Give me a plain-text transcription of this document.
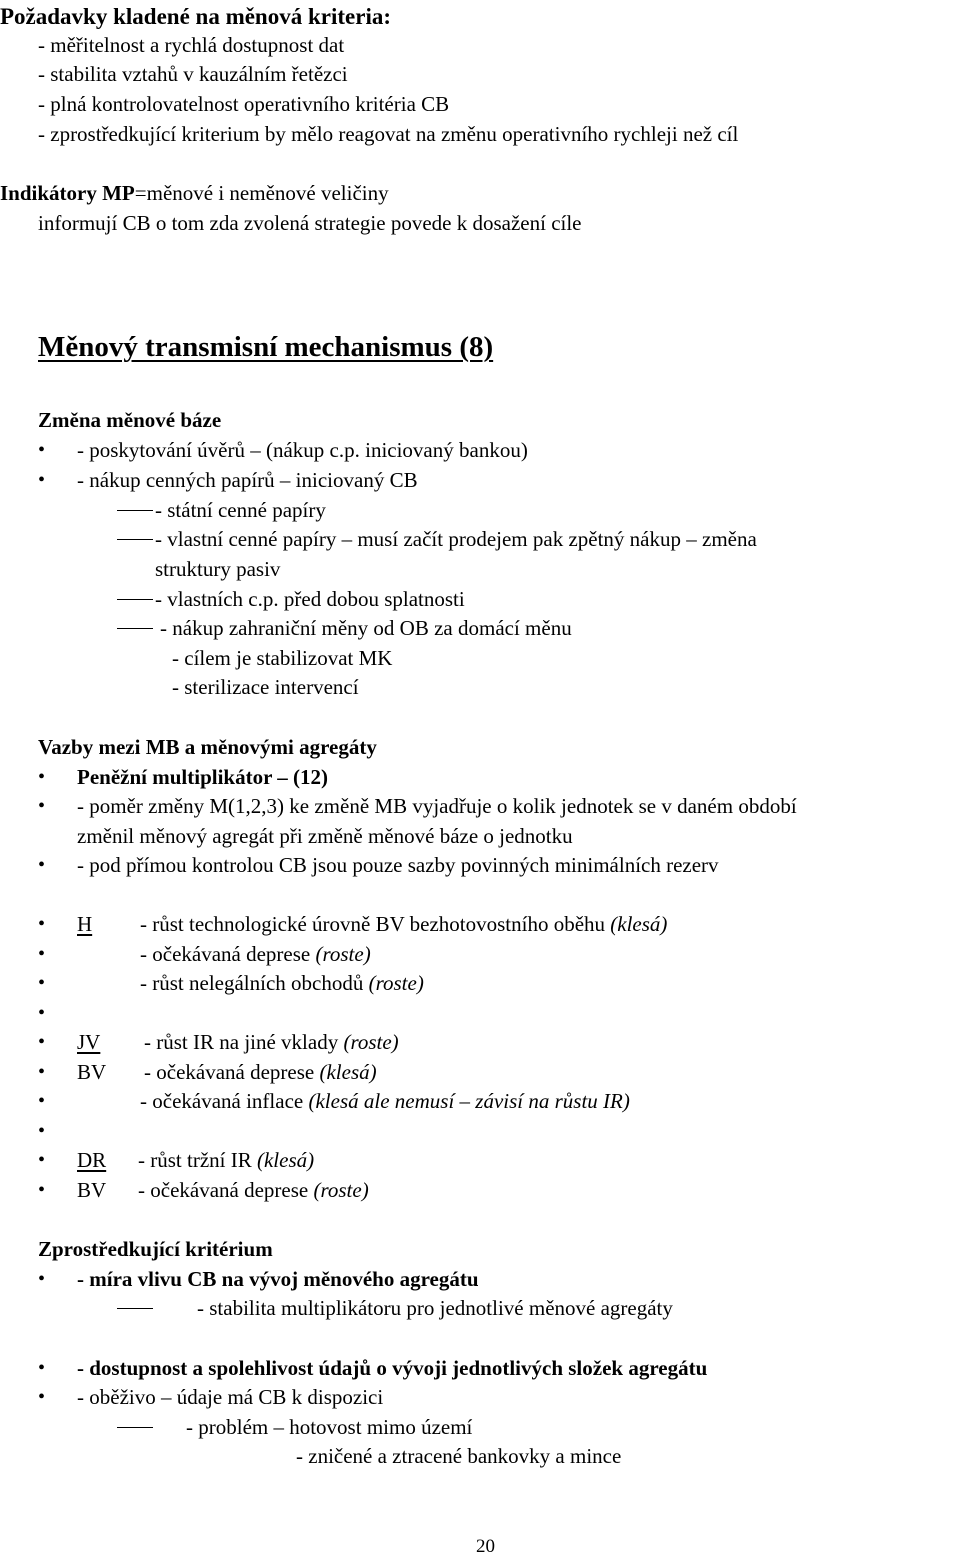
Požadavky kladené na měnová kriteria:
- měřitelnost a rychlá dostupnost dat
- stabilita vztahů v kauzálním řetězci
- plná kontrolovatelnost operativního kritéria CB
- zprostředkující kriterium by mělo reagovat na změnu operativního rychleji než cíl
Indikátory MP=měnové i neměnové veličiny
informují CB o tom zda zvolená strategie povede k dosažení cíle
Měnový transmisní mechanismus (8)
Změna měnové báze
• - poskytování úvěrů – (nákup c.p. iniciovaný bankou)
• - nákup cenných papírů – iniciovaný CB
- státní cenné papíry
- vlastní cenné papíry – musí začít prodejem pak zpětný nákup – změna
struktury pasiv
- vlastních c.p. před dobou splatnosti
- nákup zahraniční měny od OB za domácí měnu
- cílem je stabilizovat MK
- sterilizace intervencí
Vazby mezi MB a měnovými agregáty
• Peněžní multiplikátor – (12)
• - poměr změny M(1,2,3) ke změně MB vyjadřuje o kolik jednotek se v daném období
změnil měnový agregát při změně měnové báze o jednotku
• - pod přímou kontrolou CB jsou pouze sazby povinných minimálních rezerv
• H - růst technologické úrovně BV bezhotovostního oběhu (klesá)
•	- očekávaná deprese (roste)
•	- růst nelegálních obchodů (roste)
•
• JV - růst IR na jiné vklady (roste)
• BV - očekávaná deprese (klesá)
•	- očekávaná inflace (klesá ale nemusí – závisí na růstu IR)
•
• DR - růst tržní IR (klesá)
• BV - očekávaná deprese (roste)
Zprostředkující kritérium
• - míra vlivu CB na vývoj měnového agregátu
- stabilita multiplikátoru pro jednotlivé měnové agregáty
• - dostupnost a spolehlivost údajů o vývoji jednotlivých složek agregátu
• - oběživo – údaje má CB k dispozici
- problém – hotovost mimo území
- zničené a ztracené bankovky a mince
20
